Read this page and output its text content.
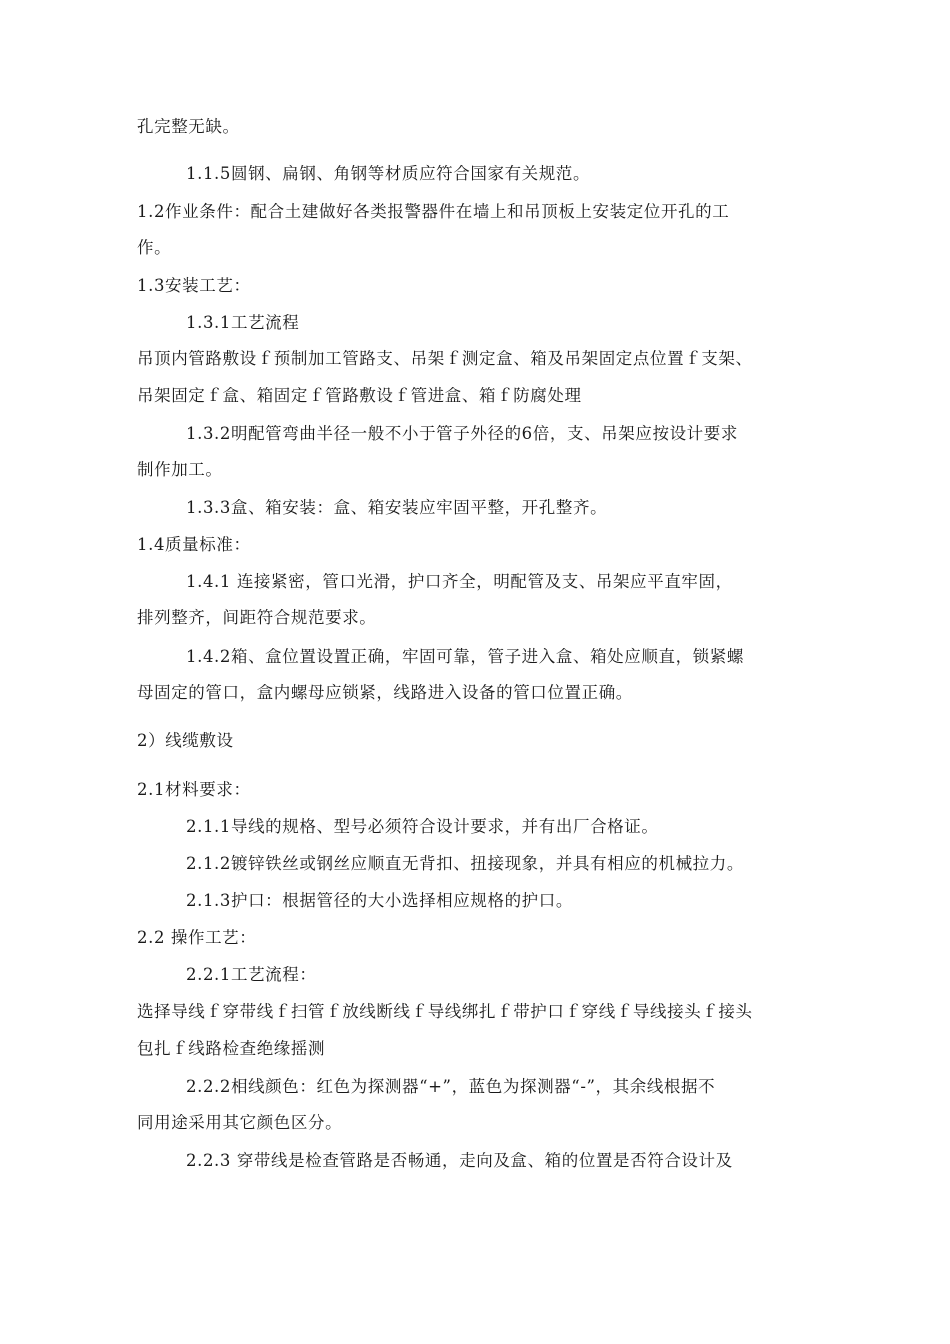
孔完整无缺。
1.1.5圆钢、扁钢、角钢等材质应符合国家有关规范。
1.2作业条件：配合土建做好各类报警器件在墙上和吊顶板上安装定位开孔的工
作。
1.3安装工艺：
1.3.1工艺流程
吊顶内管路敷设ｆ预制加工管路支、吊架ｆ测定盒、箱及吊架固定点位置ｆ支架、
吊架固定ｆ盒、箱固定ｆ管路敷设ｆ管进盒、箱ｆ防腐处理
1.3.2明配管弯曲半径一般不小于管子外径的6倍，支、吊架应按设计要求
制作加工。
1.3.3盒、箱安装：盒、箱安装应牢固平整，开孔整齐。
1.4质量标准：
1.4.1 连接紧密，管口光滑，护口齐全，明配管及支、吊架应平直牢固，
排列整齐，间距符合规范要求。
1.4.2箱、盒位置设置正确，牢固可靠，管子进入盒、箱处应顺直，锁紧螺
母固定的管口，盒内螺母应锁紧，线路进入设备的管口位置正确。
2）线缆敷设
2.1材料要求：
2.1.1导线的规格、型号必须符合设计要求，并有出厂合格证。
2.1.2镀锌铁丝或钢丝应顺直无背扣、扭接现象，并具有相应的机械拉力。
2.1.3护口：根据管径的大小选择相应规格的护口。
2.2 操作工艺：
2.2.1工艺流程：
选择导线ｆ穿带线ｆ扫管ｆ放线断线ｆ导线绑扎ｆ带护口ｆ穿线ｆ导线接头ｆ接头
包扎ｆ线路检查绝缘摇测
2.2.2相线颜色：红色为探测器“+”，蓝色为探测器“-”，其余线根据不
同用途采用其它颜色区分。
2.2.3 穿带线是检查管路是否畅通，走向及盒、箱的位置是否符合设计及
